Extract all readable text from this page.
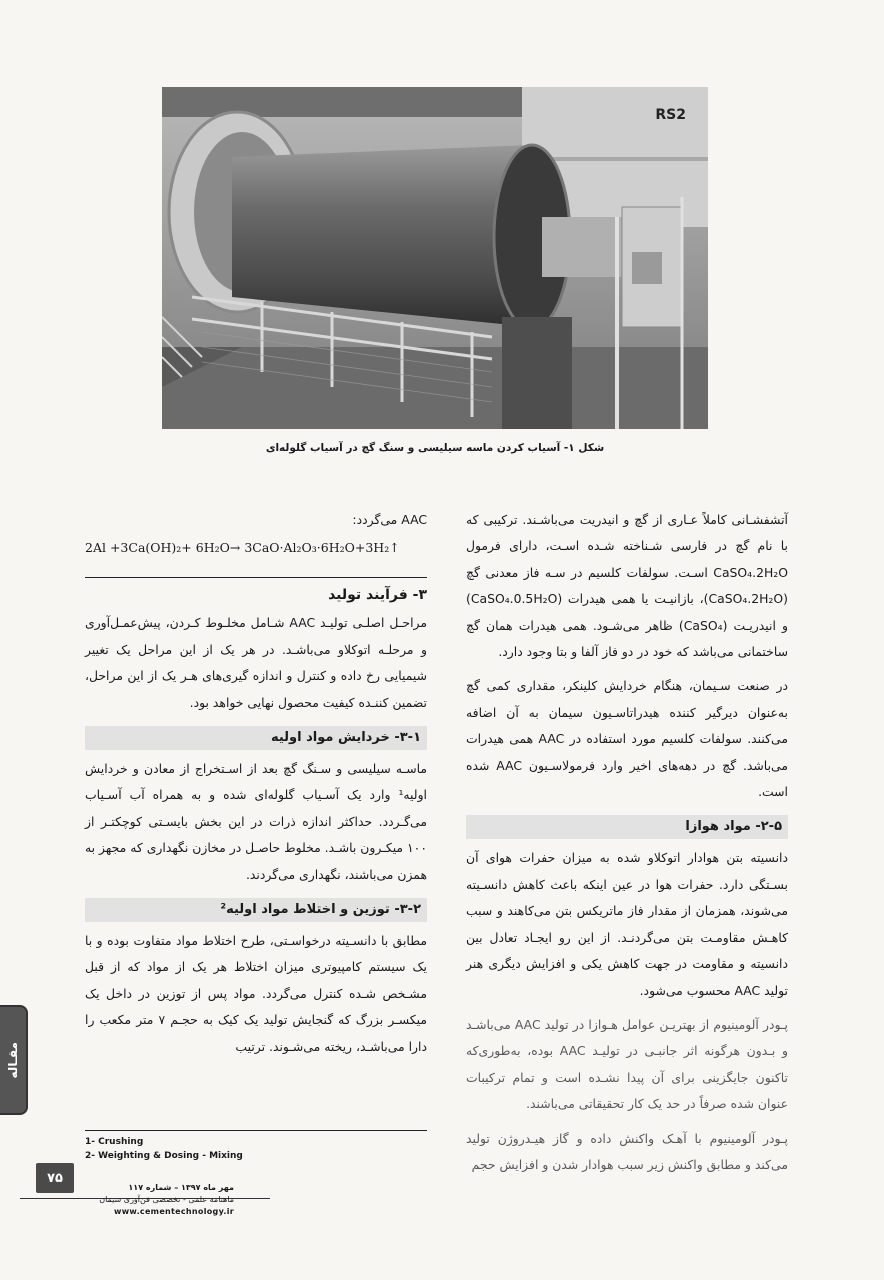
RS2
شکل ۱- آسیاب کردن ماسه سیلیسی و سنگ گچ در آسیاب گلوله‌ای

آتشفشـانی کاملاً عـاری از گچ و انیدریت می‌باشـند. ترکیبی که با نام گچ در فارسی شـناخته شـده اسـت، دارای فرمول CaSO₄.2H₂O اسـت. سولفات کلسیم در سـه فاز معدنی گچ (CaSO₄.2H₂O)، بازانیـت یا همی هیدرات (CaSO₄.0.5H₂O) و انیدریـت (CaSO₄) ظاهر می‌شـود. همی هیدرات همان گچ ساختمانی می‌باشد که خود در دو فاز آلفا و بتا وجود دارد.

در صنعت سـیمان، هنگام خردایش کلینکر، مقداری کمی گچ به‌عنوان دیرگیر کننده هیدراتاسـیون سیمان به آن اضافه می‌کنند. سولفات کلسیم مورد استفاده در AAC همی هیدرات می‌باشد. گچ در دهه‌های اخیر وارد فرمولاسـیون AAC شده است.

۲-۵- مواد هوازا

دانسیته بتن هوادار اتوکلاو شده به میزان حفرات هوای آن بسـتگی دارد. حفرات هوا در عین اینکه باعث کاهش دانسـیته می‌شوند، همزمان از مقدار فاز ماتریکس بتن می‌کاهند و سبب کاهـش مقاومـت بتن می‌گردنـد. از این رو ایجـاد تعادل بین دانسیته و مقاومت در جهت کاهش یکی و افزایش دیگری هنر تولید AAC محسوب می‌شود.

پـودر آلومینیوم از بهتریـن عوامل هـوازا در تولید AAC می‌باشـد و بـدون هرگونه اثر جانبـی در تولیـد AAC بوده، به‌طوری‌که تاکنون جایگزینی برای آن پیدا نشـده است و تمام ترکیبات عنوان شده صرفاً در حد یک کار تحقیقاتی می‌باشند.

پـودر آلومینیوم با آهـک واکنش داده و گاز هیـدروژن تولید می‌کند و مطابق واکنش زیر سبب هوادار شدن و افزایش حجم

AAC می‌گردد:

2Al +3Ca(OH)₂+ 6H₂O→ 3CaO·Al₂O₃·6H₂O+3H₂↑
۳- فرآیند تولید

مراحـل اصلـی تولیـد AAC شـامل مخلـوط کـردن، پیش‌عمـل‌آوری و مرحلـه اتوکلاو می‌باشـد. در هر یک از این مراحل یک تغییر شیمیایی رخ داده و کنترل و اندازه گیری‌های هـر یک از این مراحل، تضمین کننـده کیفیت محصول نهایی خواهد بود.

۳-۱- خردایش مواد اولیه

ماسـه سیلیسی و سـنگ گچ بعد از اسـتخراج از معادن و خردایش اولیه¹ وارد یک آسـیاب گلوله‌ای شده و به همراه آب آسـیاب می‌گـردد. حداکثر اندازه ذرات در این بخش بایسـتی کوچکتـر از ۱۰۰ میکـرون باشـد. مخلوط حاصـل در مخازن نگهداری که مجهز به همزن می‌باشند، نگهداری می‌گردند.

۳-۲- توزین و اختلاط مواد اولیه²

مطابق با دانسـیته درخواسـتی، طرح اختلاط مواد متفاوت بوده و با یک سیستم کامپیوتری میزان اختلاط هر یک از مواد که از قبل مشـخص شـده کنترل می‌گردد. مواد پس از توزین در داخل یک میکسـر بزرگ که گنجایش تولید یک کیک به حجـم ۷ متر مکعب را دارا می‌باشـد، ریخته می‌شـوند. ترتیب

1- Crushing
2- Weighting & Dosing - Mixing
مقـاله
۷۵
مهر ماه ۱۳۹۷ – شماره ۱۱۷
ماهنامه علمی - تخصصی فن‌آوری سیمان
www.cementechnology.ir
